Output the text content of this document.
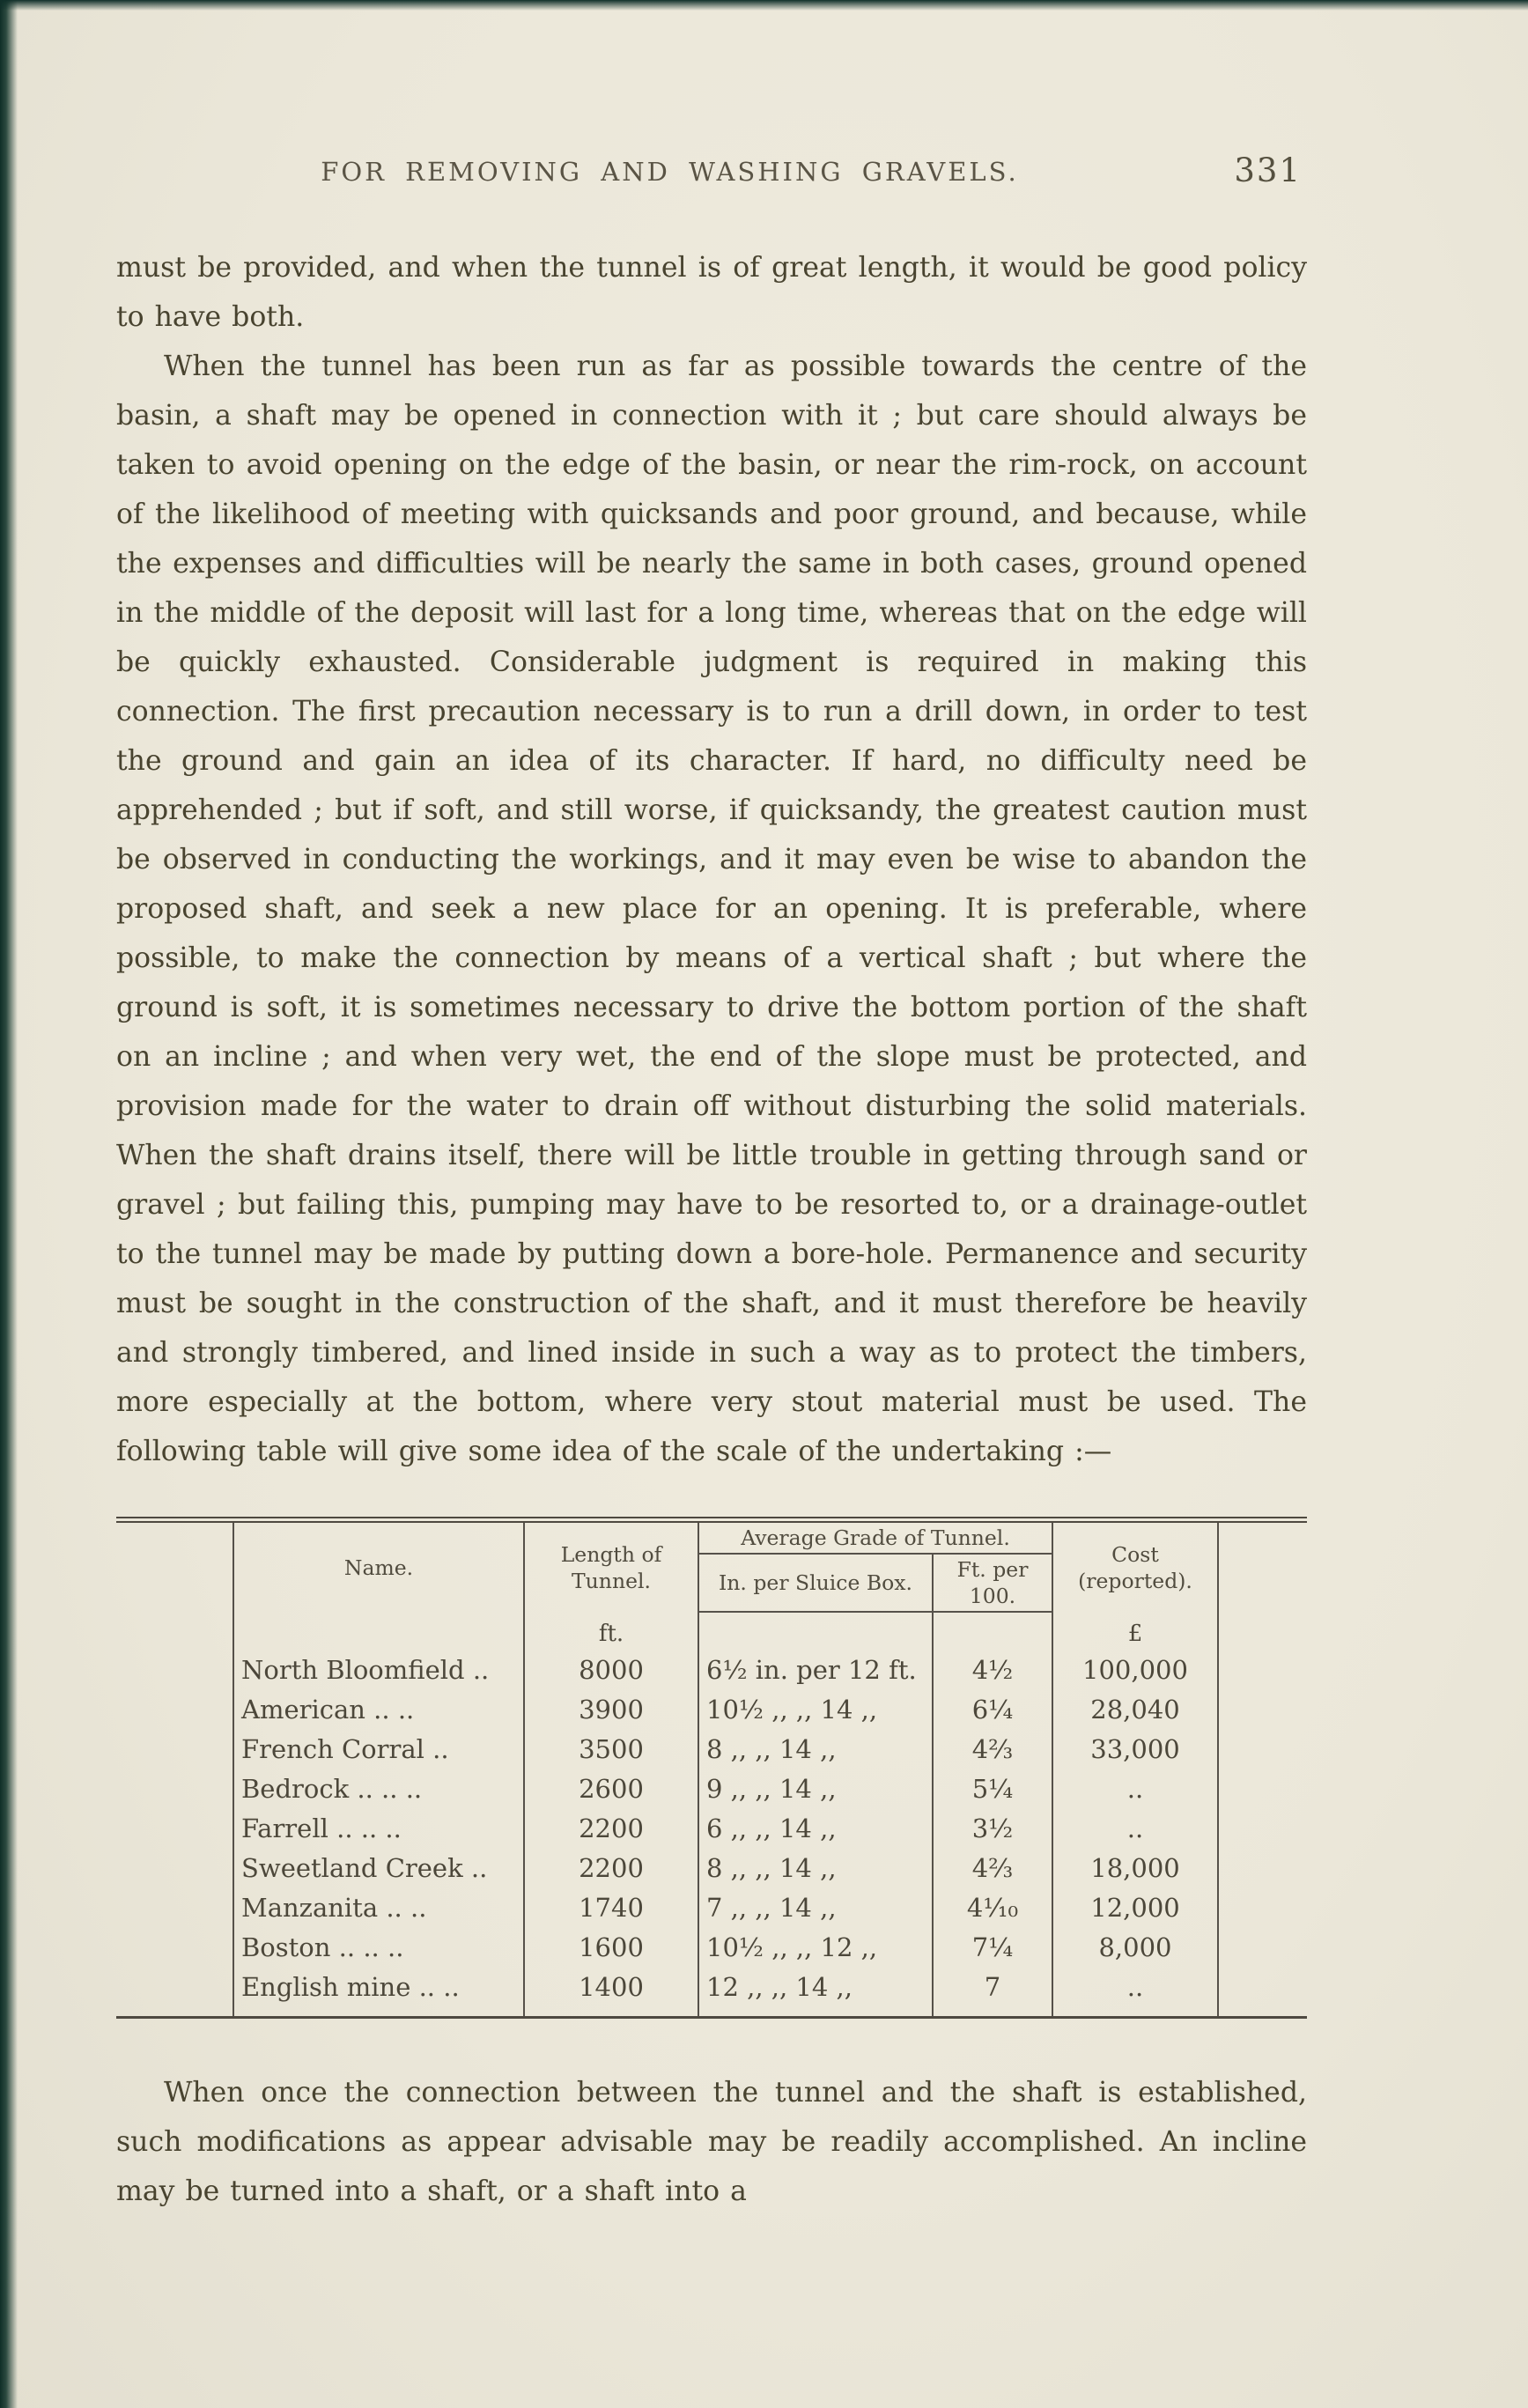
FOR REMOVING AND WASHING GRAVELS.	331

must be provided, and when the tunnel is of great length, it would be good policy to have both.

When the tunnel has been run as far as possible towards the centre of the basin, a shaft may be opened in connection with it ; but care should always be taken to avoid opening on the edge of the basin, or near the rim-rock, on account of the likelihood of meeting with quicksands and poor ground, and because, while the expenses and difficulties will be nearly the same in both cases, ground opened in the middle of the deposit will last for a long time, whereas that on the edge will be quickly exhausted. Considerable judgment is required in making this connection. The first precaution necessary is to run a drill down, in order to test the ground and gain an idea of its character. If hard, no difficulty need be apprehended ; but if soft, and still worse, if quicksandy, the greatest caution must be observed in conducting the workings, and it may even be wise to abandon the proposed shaft, and seek a new place for an opening. It is preferable, where possible, to make the connection by means of a vertical shaft ; but where the ground is soft, it is sometimes necessary to drive the bottom portion of the shaft on an incline ; and when very wet, the end of the slope must be protected, and provision made for the water to drain off without disturbing the solid materials. When the shaft drains itself, there will be little trouble in getting through sand or gravel ; but failing this, pumping may have to be resorted to, or a drainage-outlet to the tunnel may be made by putting down a bore-hole. Permanence and security must be sought in the construction of the shaft, and it must therefore be heavily and strongly timbered, and lined inside in such a way as to protect the timbers, more especially at the bottom, where very stout material must be used. The following table will give some idea of the scale of the undertaking :—

Name.	Length of Tunnel.	Average Grade of Tunnel.		Cost (reported).
		In. per Sluice Box.	Ft. per 100.	
	ft.			£
North Bloomfield ..	8000	6½ in. per 12 ft.	4½	100,000
American .. ..	3900	10½ ,, ,, 14 ,,	6¼	28,040
French Corral ..	3500	8 ,, ,, 14 ,,	4⅔	33,000
Bedrock .. .. ..	2600	9 ,, ,, 14 ,,	5¼	..
Farrell .. .. ..	2200	6 ,, ,, 14 ,,	3½	..
Sweetland Creek ..	2200	8 ,, ,, 14 ,,	4⅔	18,000
Manzanita .. ..	1740	7 ,, ,, 14 ,,	4⅒	12,000
Boston .. .. ..	1600	10½ ,, ,, 12 ,,	7¼	8,000
English mine .. ..	1400	12 ,, ,, 14 ,,	7	..

When once the connection between the tunnel and the shaft is established, such modifications as appear advisable may be readily accomplished. An incline may be turned into a shaft, or a shaft into a
